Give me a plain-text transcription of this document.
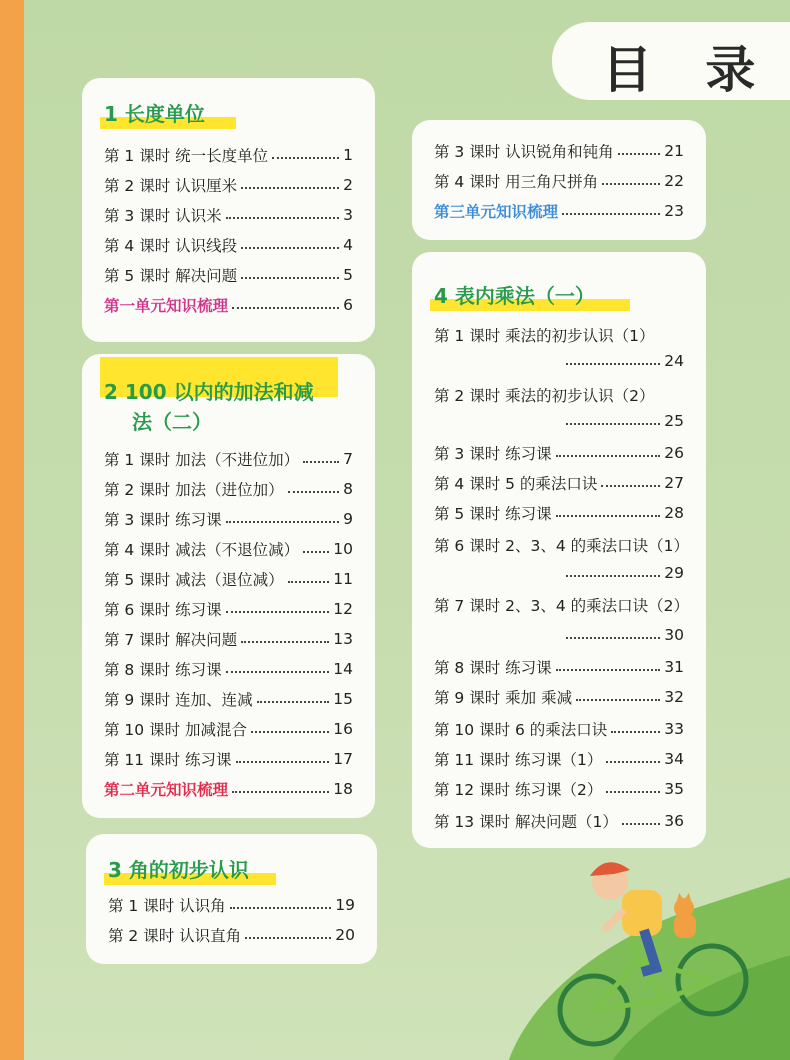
目 录
1 长度单位
第 1 课时 统一长度单位	1
第 2 课时 认识厘米	2
第 3 课时 认识米	3
第 4 课时 认识线段	4
第 5 课时 解决问题	5
第一单元知识梳理	6
2 100 以内的加法和减
法（二）
第 1 课时 加法（不进位加）	7
第 2 课时 加法（进位加）	8
第 3 课时 练习课	9
第 4 课时 减法（不退位减） 10
第 5 课时 减法（退位减）	11
第 6 课时 练习课	12
第 7 课时 解决问题	13
第 8 课时 练习课	14
第 9 课时 连加、连减	15
第 10 课时 加减混合	16
第 11 课时 练习课	17
第二单元知识梳理	18
3 角的初步认识
第 1 课时 认识角	19
第 2 课时 认识直角	20
第 3 课时 认识锐角和钝角	21
第 4 课时 用三角尺拼角	22
第三单元知识梳理	23
4 表内乘法（一）
第 1 课时 乘法的初步认识（1）
24
第 2 课时 乘法的初步认识（2）
25
第 3 课时 练习课	26
第 4 课时 5 的乘法口诀	27
第 5 课时 练习课	28
第 6 课时 2、3、4 的乘法口诀（1）
29
第 7 课时 2、3、4 的乘法口诀（2）
30
第 8 课时 练习课	31
第 9 课时 乘加 乘减	32
第 10 课时 6 的乘法口诀	33
第 11 课时 练习课（1）	34
第 12 课时 练习课（2）	35
第 13 课时 解决问题（1）	36
